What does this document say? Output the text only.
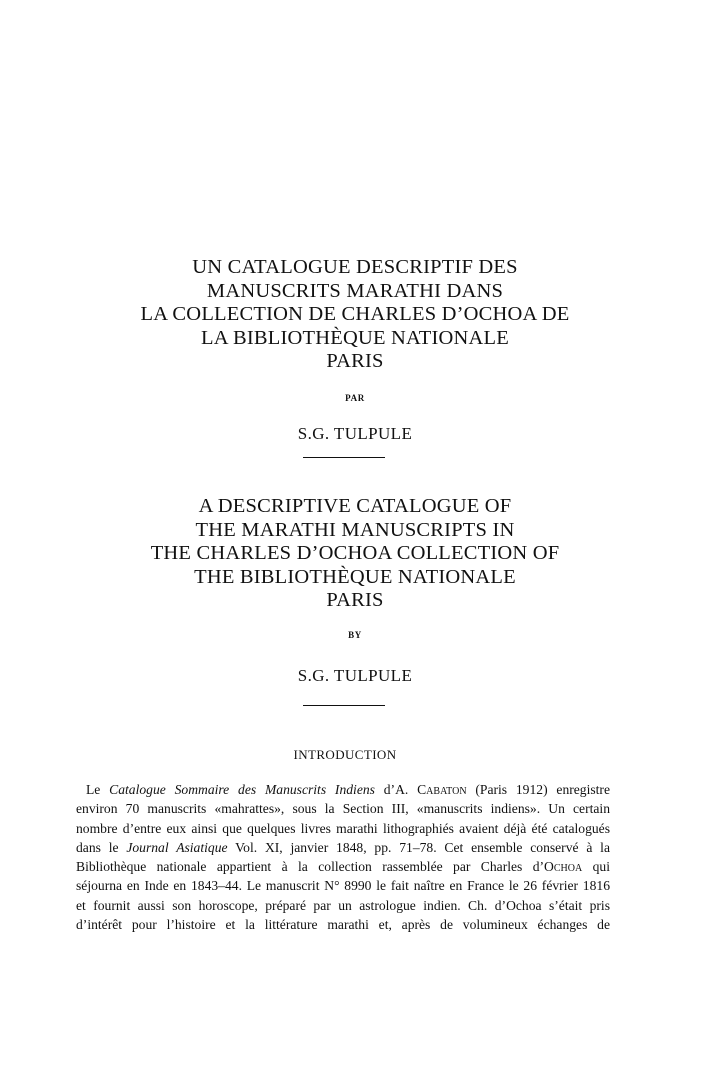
UN CATALOGUE DESCRIPTIF DES
MANUSCRITS MARATHI DANS
LA COLLECTION DE CHARLES D’OCHOA DE
LA BIBLIOTHÈQUE NATIONALE
PARIS
PAR
S.G. TULPULE
A DESCRIPTIVE CATALOGUE OF
THE MARATHI MANUSCRIPTS IN
THE CHARLES D’OCHOA COLLECTION OF
THE BIBLIOTHÈQUE NATIONALE
PARIS
BY
S.G. TULPULE
INTRODUCTION
Le Catalogue Sommaire des Manuscrits Indiens d’A. Cabaton (Paris 1912) enregistre
environ 70 manuscrits «mahrattes», sous la Section III, «manuscrits indiens». Un certain
nombre d’entre eux ainsi que quelques livres marathi lithographiés avaient déjà été catalogués
dans le Journal Asiatique Vol. XI, janvier 1848, pp. 71–78. Cet ensemble conservé à la
Bibliothèque nationale appartient à la collection rassemblée par Charles d’Ochoa qui
séjourna en Inde en 1843–44. Le manuscrit N° 8990 le fait naître en France le 26 février 1816
et fournit aussi son horoscope, préparé par un astrologue indien. Ch. d’Ochoa s’était pris
d’intérêt pour l’histoire et la littérature marathi et, après de volumineux échanges de
